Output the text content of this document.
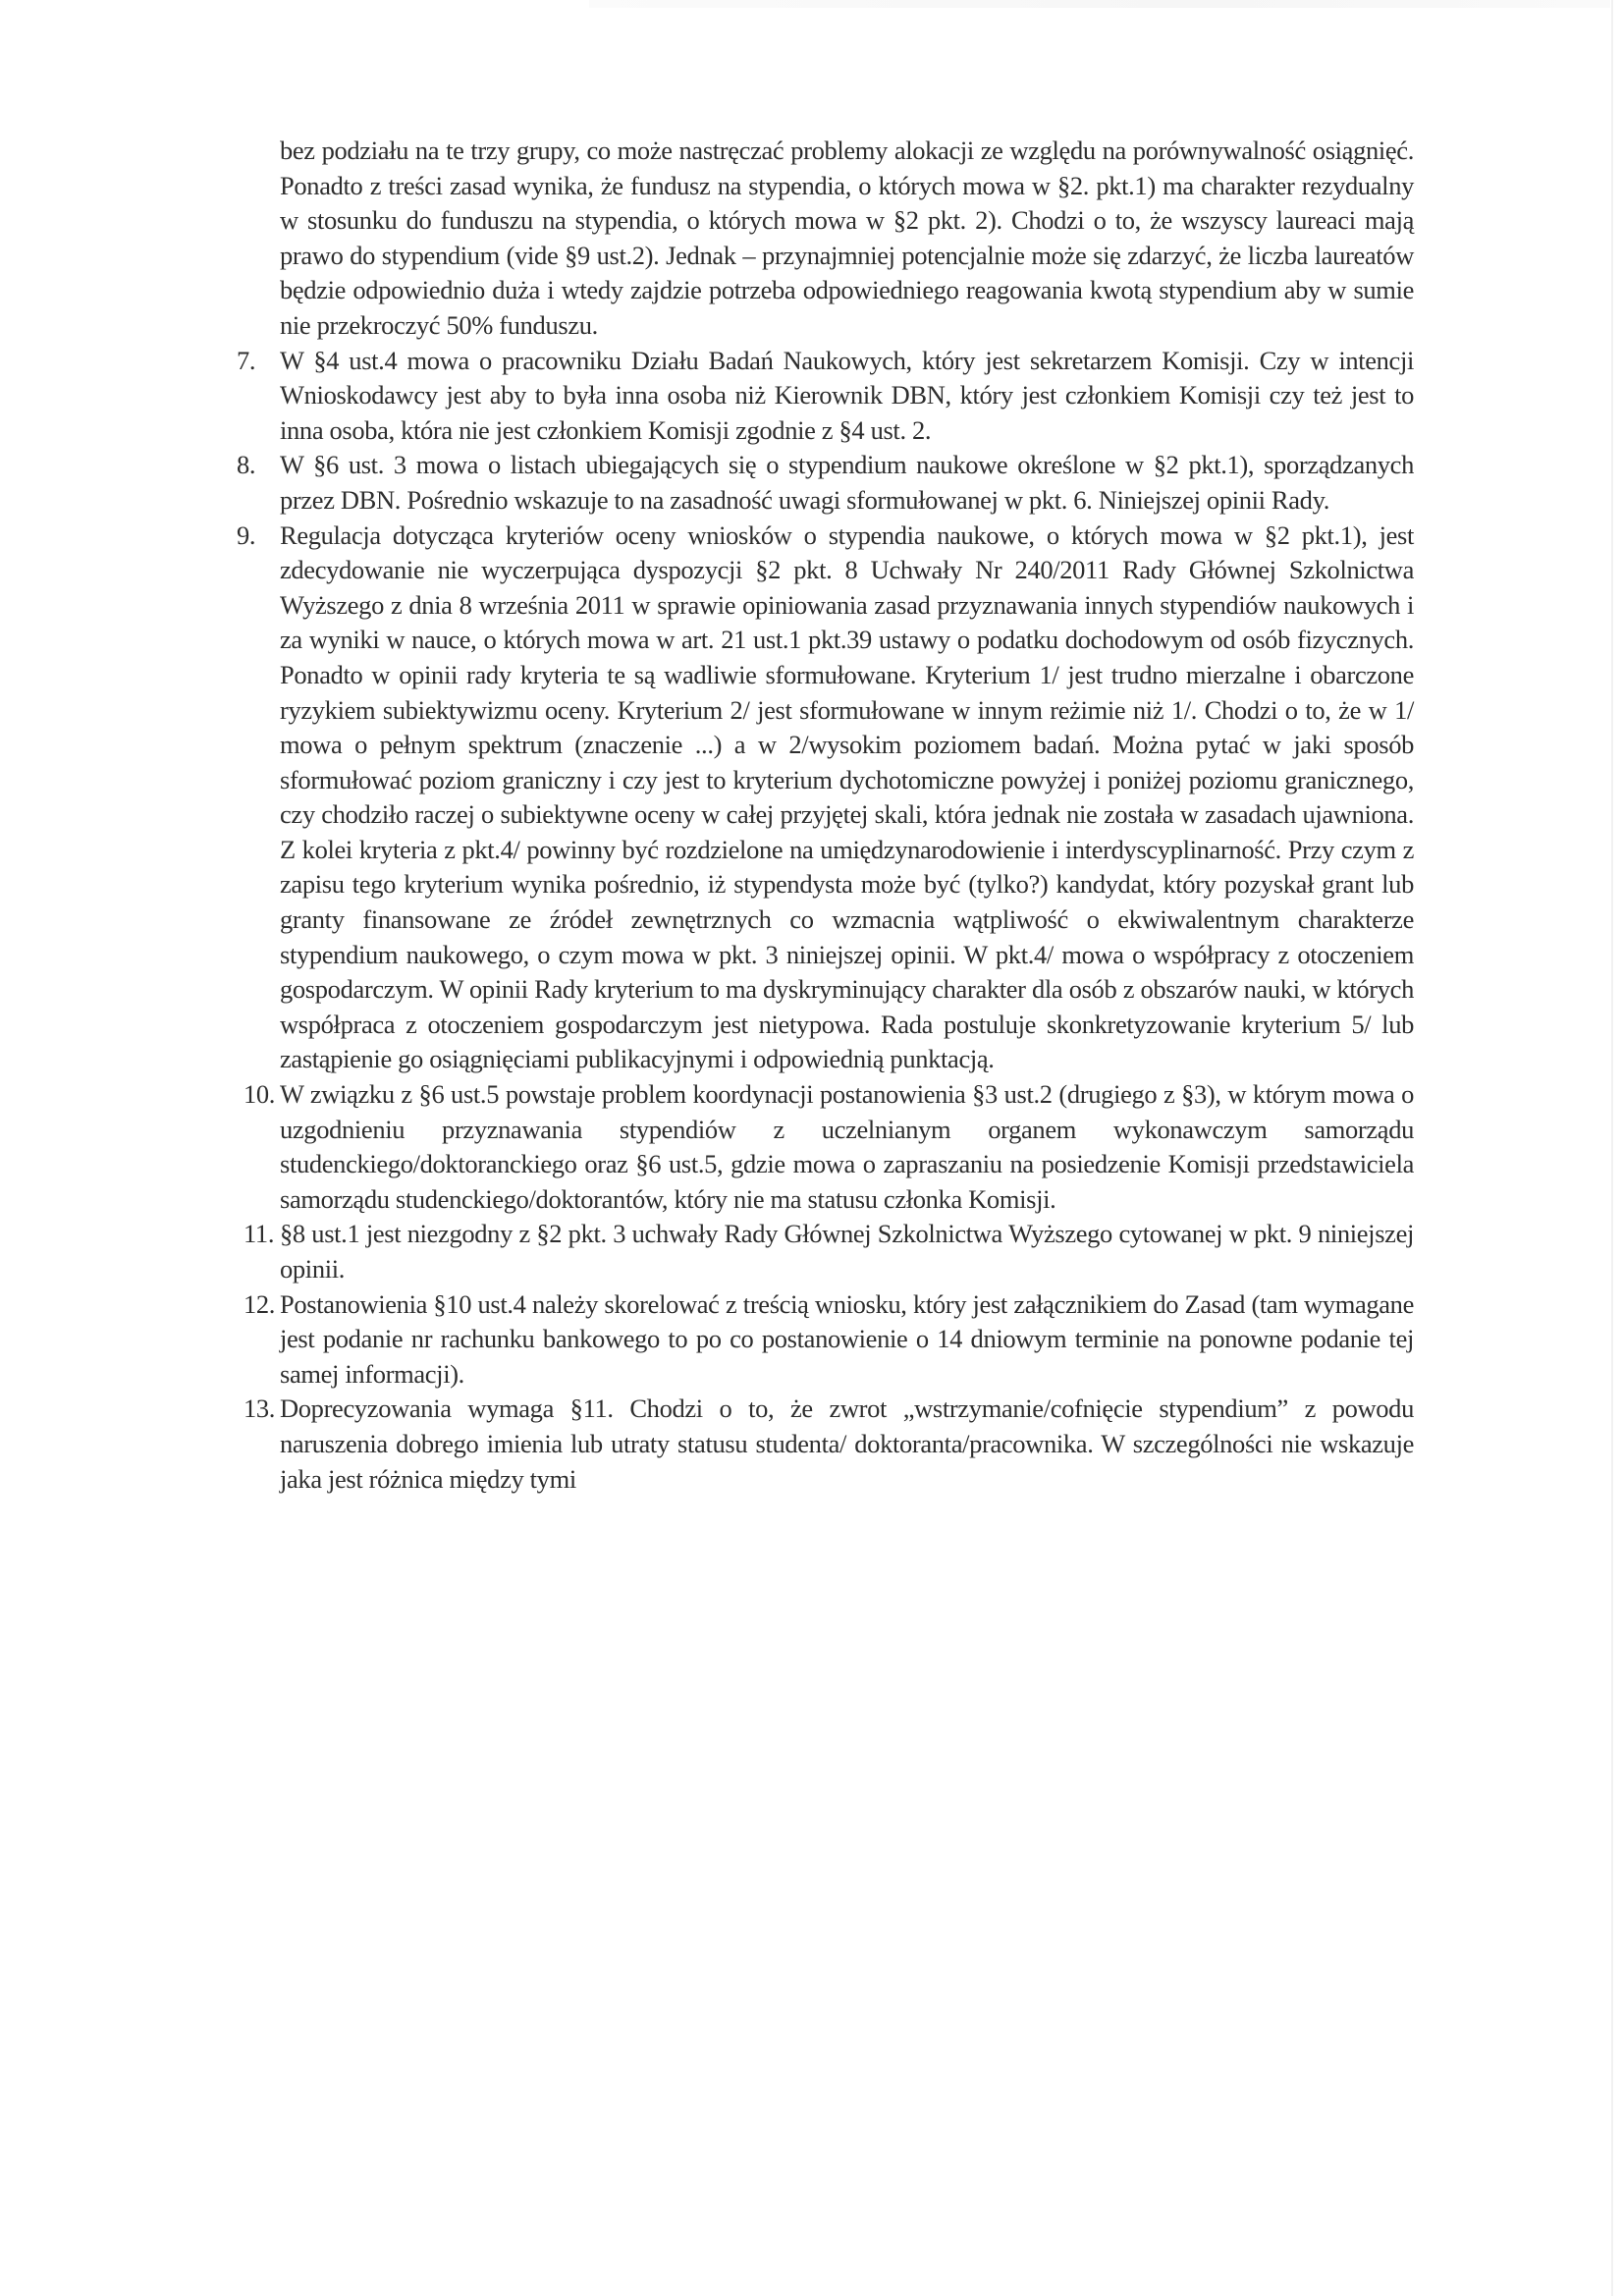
bez podziału na te trzy grupy, co może nastręczać problemy alokacji ze względu na porównywalność osiągnięć. Ponadto z treści zasad wynika, że fundusz na stypendia, o których mowa w §2. pkt.1) ma charakter rezydualny w stosunku do funduszu na stypendia, o których mowa w §2 pkt. 2). Chodzi o to, że wszyscy laureaci mają prawo do stypendium (vide §9 ust.2). Jednak – przynajmniej potencjalnie może się zdarzyć, że liczba laureatów będzie odpowiednio duża i wtedy zajdzie potrzeba odpowiedniego reagowania kwotą stypendium aby w sumie nie przekroczyć 50% funduszu.

7. W §4 ust.4 mowa o pracowniku Działu Badań Naukowych, który jest sekretarzem Komisji. Czy w intencji Wnioskodawcy jest aby to była inna osoba niż Kierownik DBN, który jest członkiem Komisji czy też jest to inna osoba, która nie jest członkiem Komisji zgodnie z §4 ust. 2.
8. W §6 ust. 3 mowa o listach ubiegających się o stypendium naukowe określone w §2 pkt.1), sporządzanych przez DBN. Pośrednio wskazuje to na zasadność uwagi sformułowanej w pkt. 6. Niniejszej opinii Rady.
9. Regulacja dotycząca kryteriów oceny wniosków o stypendia naukowe, o których mowa w §2 pkt.1), jest zdecydowanie nie wyczerpująca dyspozycji §2 pkt. 8 Uchwały Nr 240/2011 Rady Głównej Szkolnictwa Wyższego z dnia 8 września 2011 w sprawie opiniowania zasad przyznawania innych stypendiów naukowych i za wyniki w nauce, o których mowa w art. 21 ust.1 pkt.39 ustawy o podatku dochodowym od osób fizycznych. Ponadto w opinii rady kryteria te są wadliwie sformułowane. Kryterium 1/ jest trudno mierzalne i obarczone ryzykiem subiektywizmu oceny. Kryterium 2/ jest sformułowane w innym reżimie niż 1/. Chodzi o to, że w 1/ mowa o pełnym spektrum (znaczenie ...) a w 2/wysokim poziomem badań. Można pytać w jaki sposób sformułować poziom graniczny i czy jest to kryterium dychotomiczne powyżej i poniżej poziomu granicznego, czy chodziło raczej o subiektywne oceny w całej przyjętej skali, która jednak nie została w zasadach ujawniona. Z kolei kryteria z pkt.4/ powinny być rozdzielone na umiędzynarodowienie i interdyscyplinarność. Przy czym z zapisu tego kryterium wynika pośrednio, iż stypendysta może być (tylko?) kandydat, który pozyskał grant lub granty finansowane ze źródeł zewnętrznych co wzmacnia wątpliwość o ekwiwalentnym charakterze stypendium naukowego, o czym mowa w pkt. 3 niniejszej opinii. W pkt.4/ mowa o współpracy z otoczeniem gospodarczym. W opinii Rady kryterium to ma dyskryminujący charakter dla osób z obszarów nauki, w których współpraca z otoczeniem gospodarczym jest nietypowa. Rada postuluje skonkretyzowanie kryterium 5/ lub zastąpienie go osiągnięciami publikacyjnymi i odpowiednią punktacją.
10. W związku z §6 ust.5 powstaje problem koordynacji postanowienia §3 ust.2 (drugiego z §3), w którym mowa o uzgodnieniu przyznawania stypendiów z uczelnianym organem wykonawczym samorządu studenckiego/doktoranckiego oraz §6 ust.5, gdzie mowa o zapraszaniu na posiedzenie Komisji przedstawiciela samorządu studenckiego/doktorantów, który nie ma statusu członka Komisji.
11. §8 ust.1 jest niezgodny z §2 pkt. 3 uchwały Rady Głównej Szkolnictwa Wyższego cytowanej w pkt. 9 niniejszej opinii.
12. Postanowienia §10 ust.4 należy skorelować z treścią wniosku, który jest załącznikiem do Zasad (tam wymagane jest podanie nr rachunku bankowego to po co postanowienie o 14 dniowym terminie na ponowne podanie tej samej informacji).
13. Doprecyzowania wymaga §11. Chodzi o to, że zwrot „wstrzymanie/cofnięcie stypendium” z powodu naruszenia dobrego imienia lub utraty statusu studenta/ doktoranta/pracownika. W szczególności nie wskazuje jaka jest różnica między tymi
